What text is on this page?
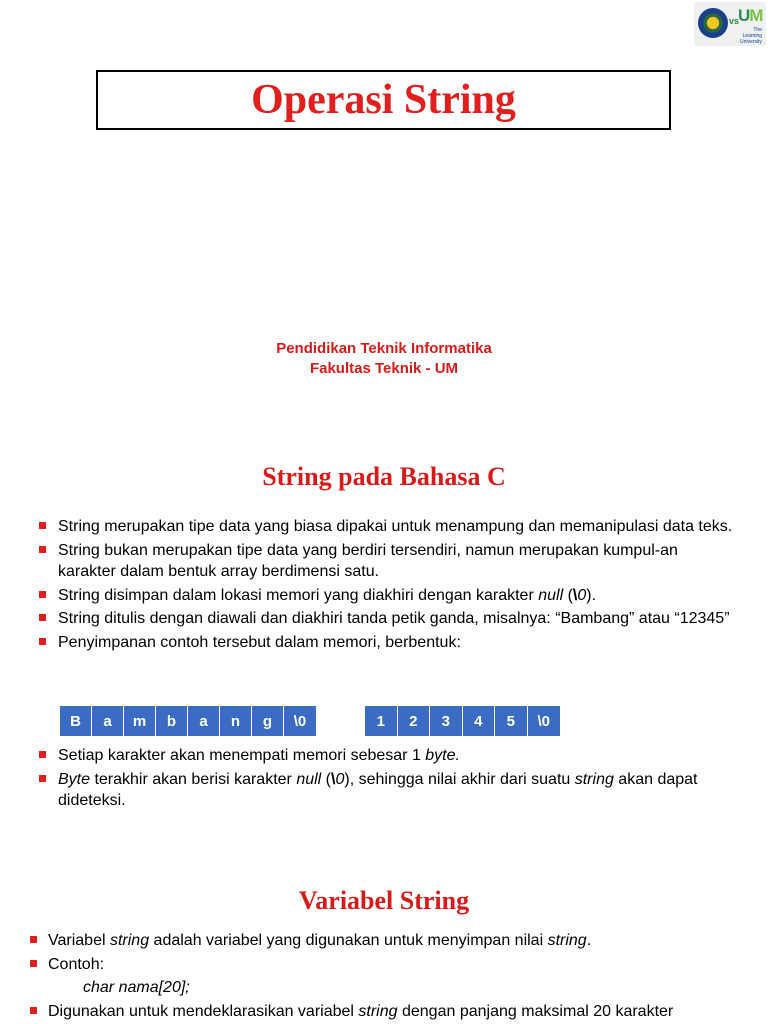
vs
UM
The Learning
University
Operasi String
Pendidikan Teknik Informatika
Fakultas Teknik - UM
String pada Bahasa C
String merupakan tipe data yang biasa dipakai untuk menampung dan memanipulasi data teks.
String bukan merupakan tipe data yang berdiri tersendiri, namun merupakan kumpul-an karakter dalam bentuk array berdimensi satu.
String disimpan dalam lokasi memori yang diakhiri dengan karakter null (\0).
String ditulis dengan diawali dan diakhiri tanda petik ganda, misalnya: “Bambang” atau “12345”
Penyimpanan contoh tersebut dalam memori, berbentuk:
B	a	m	b	a	n	g	\0	1	2	3	4	5	\0
Setiap karakter akan menempati memori sebesar 1 byte.
Byte terakhir akan berisi karakter null (\0), sehingga nilai akhir dari suatu string akan dapat dideteksi.
Variabel String
Variabel string adalah variabel yang digunakan untuk menyimpan nilai string.
Contoh:
char nama[20];
Digunakan untuk mendeklarasikan variabel string dengan panjang maksimal 20 karakter
